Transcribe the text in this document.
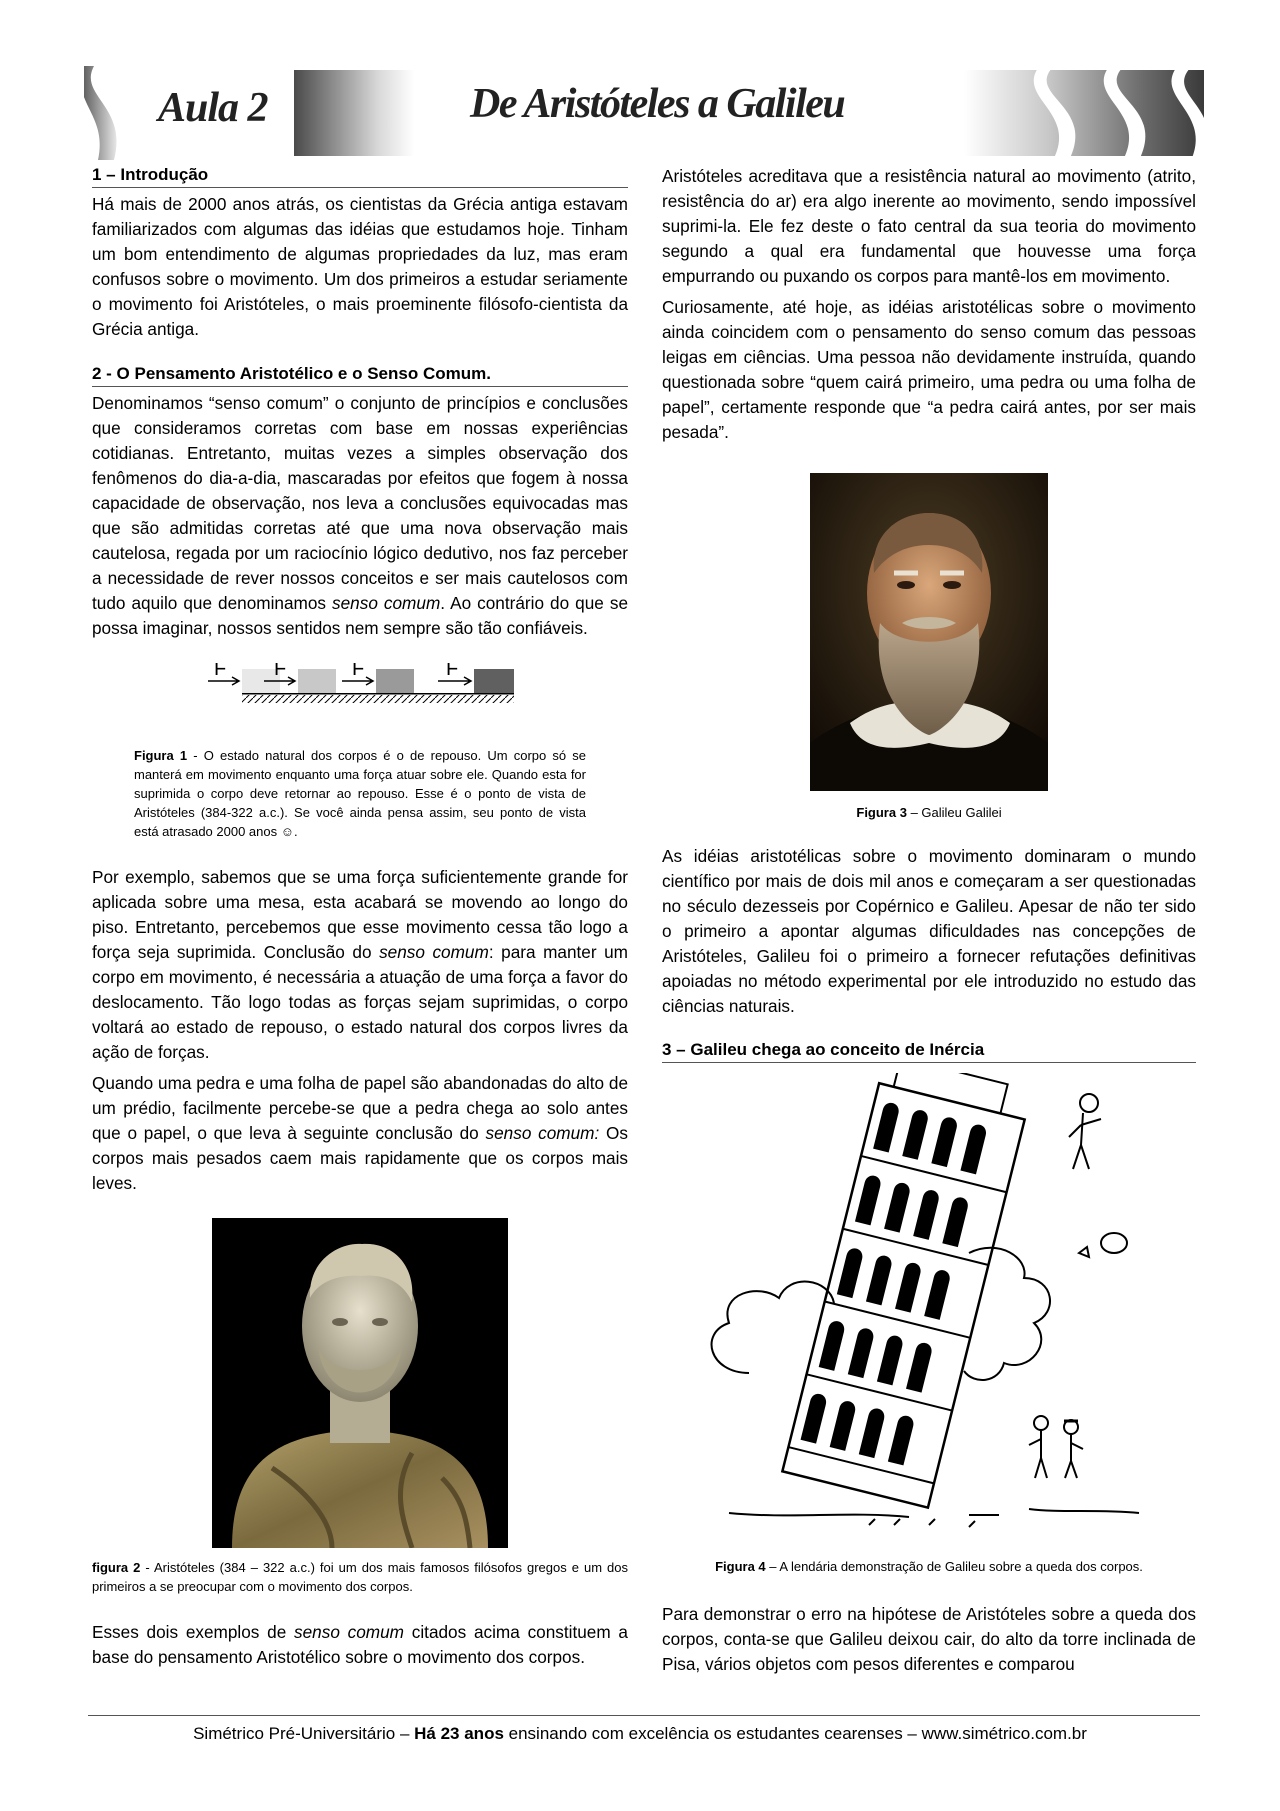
Aula 2	De Aristóteles a Galileu
1 – Introdução

Há mais de 2000 anos atrás, os cientistas da Grécia antiga estavam familiarizados com algumas das idéias que estudamos hoje. Tinham um bom entendimento de algumas propriedades da luz, mas eram confusos sobre o movimento. Um dos primeiros a estudar seriamente o movimento foi Aristóteles, o mais proeminente filósofo-cientista da Grécia antiga.

2 - O Pensamento Aristotélico e o Senso Comum.

Denominamos “senso comum” o conjunto de princípios e conclusões que consideramos corretas com base em nossas experiências cotidianas. Entretanto, muitas vezes a simples observação dos fenômenos do dia-a-dia, mascaradas por efeitos que fogem à nossa capacidade de observação, nos leva a conclusões equivocadas mas que são admitidas corretas até que uma nova observação mais cautelosa, regada por um raciocínio lógico dedutivo, nos faz perceber a necessidade de rever nossos conceitos e ser mais cautelosos com tudo aquilo que denominamos senso comum. Ao contrário do que se possa imaginar, nossos sentidos nem sempre são tão confiáveis.

F F	F	F
Figura 1 - O estado natural dos corpos é o de repouso. Um corpo só se manterá em movimento enquanto uma força atuar sobre ele. Quando esta for suprimida o corpo deve retornar ao repouso. Esse é o ponto de vista de Aristóteles (384-322 a.c.). Se você ainda pensa assim, seu ponto de vista está atrasado 2000 anos ☺.

Por exemplo, sabemos que se uma força suficientemente grande for aplicada sobre uma mesa, esta acabará se movendo ao longo do piso. Entretanto, percebemos que esse movimento cessa tão logo a força seja suprimida. Conclusão do senso comum: para manter um corpo em movimento, é necessária a atuação de uma força a favor do deslocamento. Tão logo todas as forças sejam suprimidas, o corpo voltará ao estado de repouso, o estado natural dos corpos livres da ação de forças.

Quando uma pedra e uma folha de papel são abandonadas do alto de um prédio, facilmente percebe-se que a pedra chega ao solo antes que o papel, o que leva à seguinte conclusão do senso comum: Os corpos mais pesados caem mais rapidamente que os corpos mais leves.

figura 2 - Aristóteles (384 – 322 a.c.) foi um dos mais famosos filósofos gregos e um dos primeiros a se preocupar com o movimento dos corpos.

Esses dois exemplos de senso comum citados acima constituem a base do pensamento Aristotélico sobre o movimento dos corpos.

Aristóteles acreditava que a resistência natural ao movimento (atrito, resistência do ar) era algo inerente ao movimento, sendo impossível suprimi-la. Ele fez deste o fato central da sua teoria do movimento segundo a qual era fundamental que houvesse uma força empurrando ou puxando os corpos para mantê-los em movimento.

Curiosamente, até hoje, as idéias aristotélicas sobre o movimento ainda coincidem com o pensamento do senso comum das pessoas leigas em ciências. Uma pessoa não devidamente instruída, quando questionada sobre “quem cairá primeiro, uma pedra ou uma folha de papel”, certamente responde que “a pedra cairá antes, por ser mais pesada”.

Figura 3 – Galileu Galilei

As idéias aristotélicas sobre o movimento dominaram o mundo científico por mais de dois mil anos e começaram a ser questionadas no século dezesseis por Copérnico e Galileu. Apesar de não ter sido o primeiro a apontar algumas dificuldades nas concepções de Aristóteles, Galileu foi o primeiro a fornecer refutações definitivas apoiadas no método experimental por ele introduzido no estudo das ciências naturais.

3 – Galileu chega ao conceito de Inércia
Figura 4 – A lendária demonstração de Galileu sobre a queda dos corpos.

Para demonstrar o erro na hipótese de Aristóteles sobre a queda dos corpos, conta-se que Galileu deixou cair, do alto da torre inclinada de Pisa, vários objetos com pesos diferentes e comparou

Simétrico Pré-Universitário – Há 23 anos ensinando com excelência os estudantes cearenses – www.simétrico.com.br
